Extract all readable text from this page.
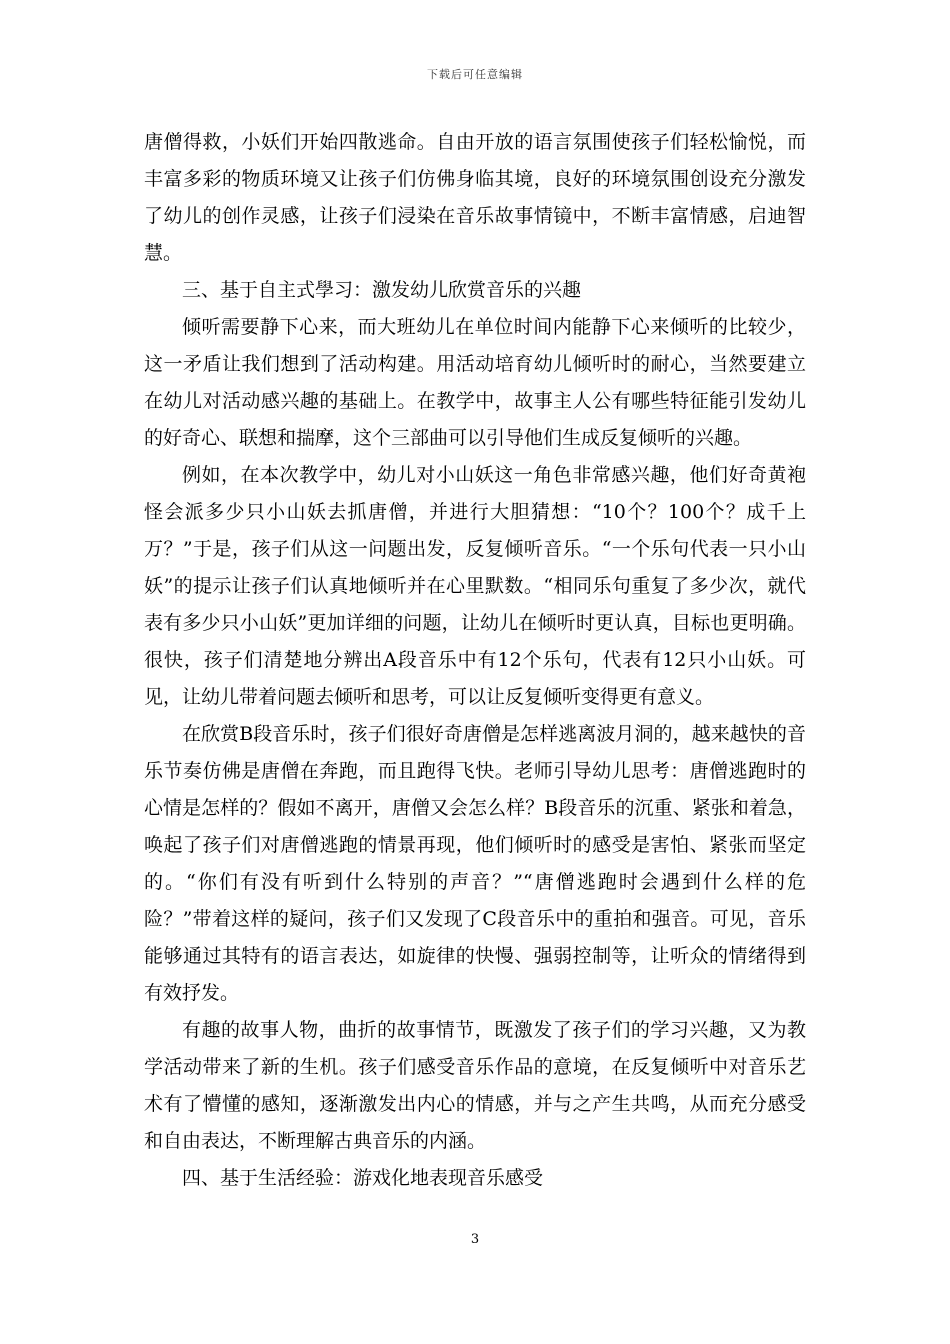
下载后可任意编辑

唐僧得救，小妖们开始四散逃命。自由开放的语言氛围使孩子们轻松愉悦，而丰富多彩的物质环境又让孩子们仿佛身临其境，良好的环境氛围创设充分激发了幼儿的创作灵感，让孩子们浸染在音乐故事情镜中，不断丰富情感，启迪智慧。

三、基于自主式學习：激发幼儿欣赏音乐的兴趣

倾听需要静下心来，而大班幼儿在单位时间内能静下心来倾听的比较少，这一矛盾让我们想到了活动构建。用活动培育幼儿倾听时的耐心，当然要建立在幼儿对活动感兴趣的基础上。在教学中，故事主人公有哪些特征能引发幼儿的好奇心、联想和揣摩，这个三部曲可以引导他们生成反复倾听的兴趣。

例如，在本次教学中，幼儿对小山妖这一角色非常感兴趣，他们好奇黄袍怪会派多少只小山妖去抓唐僧，并进行大胆猜想：“10个？100个？成千上万？”于是，孩子们从这一问题出发，反复倾听音乐。“一个乐句代表一只小山妖”的提示让孩子们认真地倾听并在心里默数。“相同乐句重复了多少次，就代表有多少只小山妖”更加详细的问题，让幼儿在倾听时更认真，目标也更明确。很快，孩子们清楚地分辨出A段音乐中有12个乐句，代表有12只小山妖。可见，让幼儿带着问题去倾听和思考，可以让反复倾听变得更有意义。

在欣赏B段音乐时，孩子们很好奇唐僧是怎样逃离波月洞的，越来越快的音乐节奏仿佛是唐僧在奔跑，而且跑得飞快。老师引导幼儿思考：唐僧逃跑时的心情是怎样的？假如不离开，唐僧又会怎么样？B段音乐的沉重、紧张和着急，唤起了孩子们对唐僧逃跑的情景再现，他们倾听时的感受是害怕、紧张而坚定的。“你们有没有听到什么特别的声音？”“唐僧逃跑时会遇到什么样的危险？”带着这样的疑问，孩子们又发现了C段音乐中的重拍和强音。可见，音乐能够通过其特有的语言表达，如旋律的快慢、强弱控制等，让听众的情绪得到有效抒发。

有趣的故事人物，曲折的故事情节，既激发了孩子们的学习兴趣，又为教学活动带来了新的生机。孩子们感受音乐作品的意境，在反复倾听中对音乐艺术有了懵懂的感知，逐渐激发出内心的情感，并与之产生共鸣，从而充分感受和自由表达，不断理解古典音乐的内涵。

四、基于生活经验：游戏化地表现音乐感受

3
